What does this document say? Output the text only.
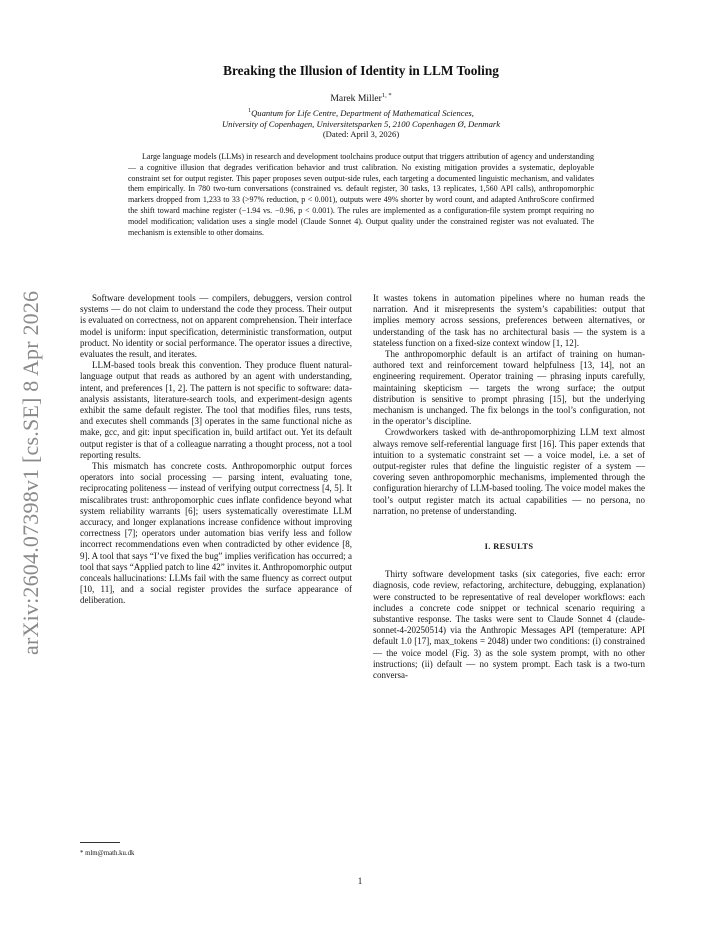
arXiv:2604.07398v1 [cs.SE] 8 Apr 2026
Breaking the Illusion of Identity in LLM Tooling
Marek Miller$^{1, *}$
$^1$Quantum for Life Centre, Department of Mathematical Sciences,
University of Copenhagen, Universitetsparken 5, 2100 Copenhagen Ø, Denmark
(Dated: April 3, 2026)
Large language models (LLMs) in research and development toolchains produce output that triggers attribution of agency and understanding — a cognitive illusion that degrades verification behavior and trust calibration. No existing mitigation provides a systematic, deployable constraint set for output register. This paper proposes seven output-side rules, each targeting a documented linguistic mechanism, and validates them empirically. In 780 two-turn conversations (constrained vs. default register, 30 tasks, 13 replicates, 1,560 API calls), anthropomorphic markers dropped from 1,233 to 33 (>97% reduction, p < 0.001), outputs were 49% shorter by word count, and adapted AnthroScore confirmed the shift toward machine register (−1.94 vs. −0.96, p < 0.001). The rules are implemented as a configuration-file system prompt requiring no model modification; validation uses a single model (Claude Sonnet 4). Output quality under the constrained register was not evaluated. The mechanism is extensible to other domains.

Software development tools — compilers, debuggers, version control systems — do not claim to understand the code they process. Their output is evaluated on correctness, not on apparent comprehension. Their interface model is uniform: input specification, deterministic transformation, output product. No identity or social performance. The operator issues a directive, evaluates the result, and iterates.

LLM-based tools break this convention. They produce fluent natural-language output that reads as authored by an agent with understanding, intent, and preferences [1, 2]. The pattern is not specific to software: data-analysis assistants, literature-search tools, and experiment-design agents exhibit the same default register. The tool that modifies files, runs tests, and executes shell commands [3] operates in the same functional niche as make, gcc, and git: input specification in, build artifact out. Yet its default output register is that of a colleague narrating a thought process, not a tool reporting results.

This mismatch has concrete costs. Anthropomorphic output forces operators into social processing — parsing intent, evaluating tone, reciprocating politeness — instead of verifying output correctness [4, 5]. It miscalibrates trust: anthropomorphic cues inflate confidence beyond what system reliability warrants [6]; users systematically overestimate LLM accuracy, and longer explanations increase confidence without improving correctness [7]; operators under automation bias verify less and follow incorrect recommendations even when contradicted by other evidence [8, 9]. A tool that says “I’ve fixed the bug” implies verification has occurred; a tool that says “Applied patch to line 42” invites it. Anthropomorphic output conceals hallucinations: LLMs fail with the same fluency as correct output [10, 11], and a social register provides the surface appearance of deliberation.

It wastes tokens in automation pipelines where no human reads the narration. And it misrepresents the system’s capabilities: output that implies memory across sessions, preferences between alternatives, or understanding of the task has no architectural basis — the system is a stateless function on a fixed-size context window [1, 12].

The anthropomorphic default is an artifact of training on human-authored text and reinforcement toward helpfulness [13, 14], not an engineering requirement. Operator training — phrasing inputs carefully, maintaining skepticism — targets the wrong surface; the output distribution is sensitive to prompt phrasing [15], but the underlying mechanism is unchanged. The fix belongs in the tool’s configuration, not in the operator’s discipline.

Crowdworkers tasked with de-anthropomorphizing LLM text almost always remove self-referential language first [16]. This paper extends that intuition to a systematic constraint set — a voice model, i.e. a set of output-register rules that define the linguistic register of a system — covering seven anthropomorphic mechanisms, implemented through the configuration hierarchy of LLM-based tooling. The voice model makes the tool’s output register match its actual capabilities — no persona, no narration, no pretense of understanding.

I. RESULTS

Thirty software development tasks (six categories, five each: error diagnosis, code review, refactoring, architecture, debugging, explanation) were constructed to be representative of real developer workflows: each includes a concrete code snippet or technical scenario requiring a substantive response. The tasks were sent to Claude Sonnet 4 (claude-sonnet-4-20250514) via the Anthropic Messages API (temperature: API default 1.0 [17], max_tokens = 2048) under two conditions: (i) constrained — the voice model (Fig. 3) as the sole system prompt, with no other instructions; (ii) default — no system prompt. Each task is a two-turn conversa-

* mlm@math.ku.dk
1
